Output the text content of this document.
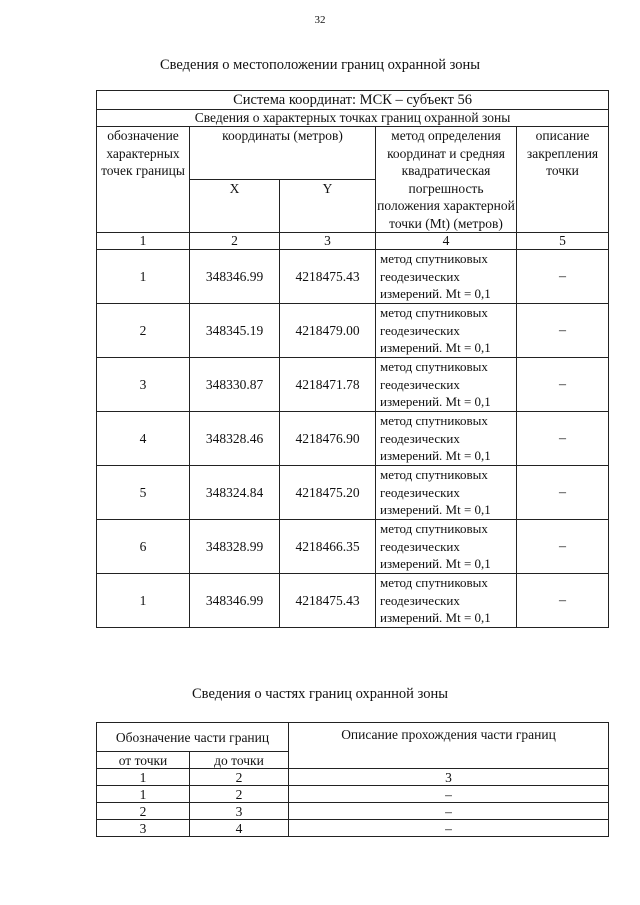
32
Сведения о местоположении границ охранной зоны
Система координат: МСК – субъект 56				
Сведения о характерных точках границ охранной зоны				
обозначение характерных точек границы	координаты (метров)		метод определения координат и средняя квадратическая погрешность положения характерной точки (Mt) (метров)	описание закрепления точки
	X	Y		
1	2	3	4	5
1	348346.99	4218475.43	метод спутниковых геодезических измерений. Mt = 0,1	–
2	348345.19	4218479.00	метод спутниковых геодезических измерений. Mt = 0,1	–
3	348330.87	4218471.78	метод спутниковых геодезических измерений. Mt = 0,1	–
4	348328.46	4218476.90	метод спутниковых геодезических измерений. Mt = 0,1	–
5	348324.84	4218475.20	метод спутниковых геодезических измерений. Mt = 0,1	–
6	348328.99	4218466.35	метод спутниковых геодезических измерений. Mt = 0,1	–
1	348346.99	4218475.43	метод спутниковых геодезических измерений. Mt = 0,1	–
Сведения о частях границ охранной зоны
Обозначение части границ		Описание прохождения части границ
от точки	до точки	
1	2	3
1	2	–
2	3	–
3	4	–
